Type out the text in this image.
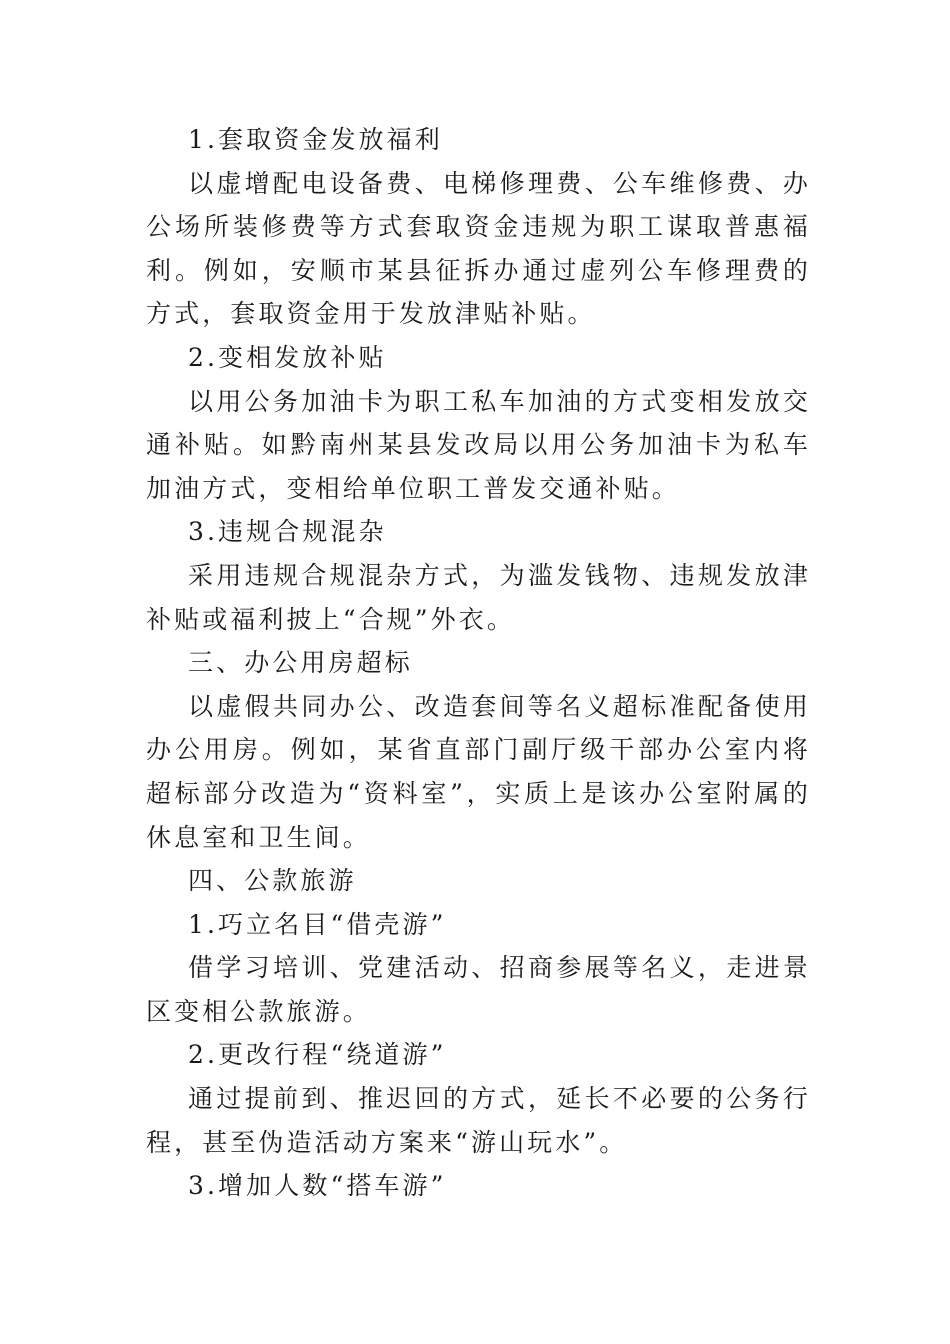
1.套取资金发放福利

以虚增配电设备费、电梯修理费、公车维修费、办公场所装修费等方式套取资金违规为职工谋取普惠福利。例如，安顺市某县征拆办通过虚列公车修理费的方式，套取资金用于发放津贴补贴。

2.变相发放补贴

以用公务加油卡为职工私车加油的方式变相发放交通补贴。如黔南州某县发改局以用公务加油卡为私车加油方式，变相给单位职工普发交通补贴。

3.违规合规混杂

采用违规合规混杂方式，为滥发钱物、违规发放津补贴或福利披上“合规”外衣。

三、办公用房超标

以虚假共同办公、改造套间等名义超标准配备使用办公用房。例如，某省直部门副厅级干部办公室内将超标部分改造为“资料室”，实质上是该办公室附属的休息室和卫生间。

四、公款旅游

1.巧立名目“借壳游”

借学习培训、党建活动、招商参展等名义，走进景区变相公款旅游。

2.更改行程“绕道游”

通过提前到、推迟回的方式，延长不必要的公务行程，甚至伪造活动方案来“游山玩水”。

3.增加人数“搭车游”
